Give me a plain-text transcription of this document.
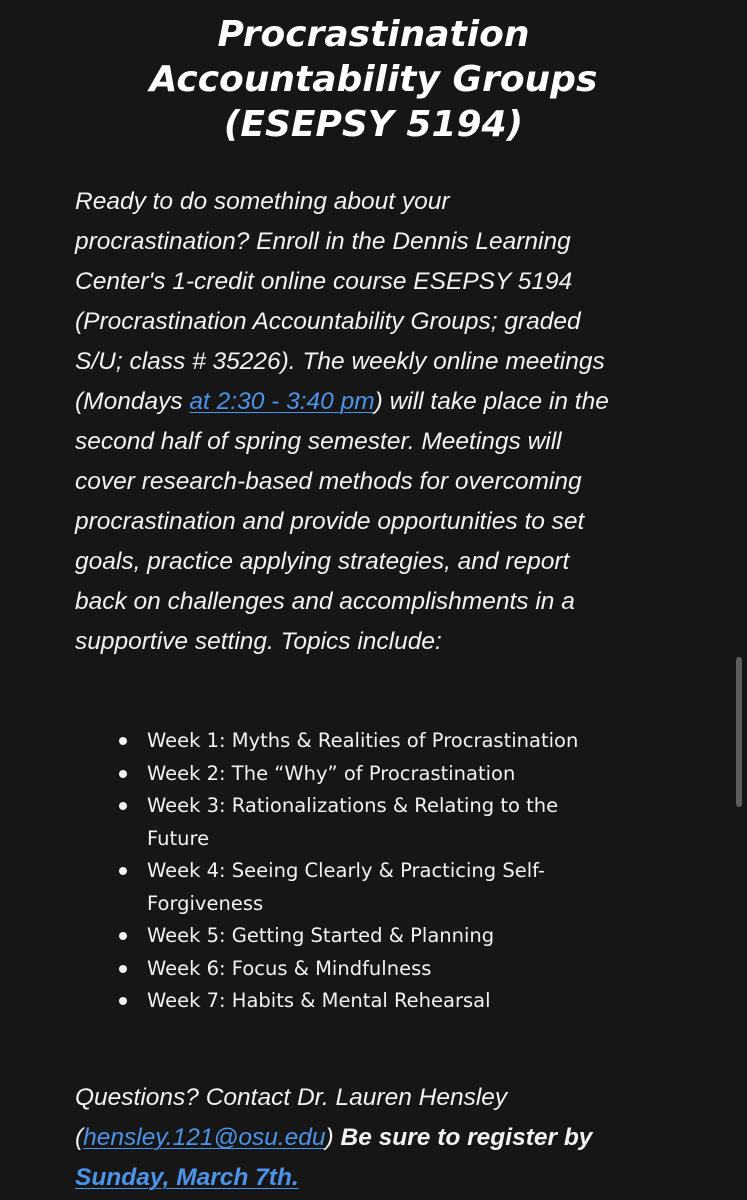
Procrastination
Accountability Groups
(ESEPSY 5194)

Ready to do something about your
procrastination? Enroll in the Dennis Learning
Center's 1-credit online course ESEPSY 5194
(Procrastination Accountability Groups; graded
S/U; class # 35226). The weekly online meetings
(Mondays at 2:30 - 3:40 pm) will take place in the
second half of spring semester. Meetings will
cover research-based methods for overcoming
procrastination and provide opportunities to set
goals, practice applying strategies, and report
back on challenges and accomplishments in a
supportive setting. Topics include:

Week 1: Myths & Realities of Procrastination
Week 2: The “Why” of Procrastination
Week 3: Rationalizations & Relating to the
Future
Week 4: Seeing Clearly & Practicing Self-
Forgiveness
Week 5: Getting Started & Planning
Week 6: Focus & Mindfulness
Week 7: Habits & Mental Rehearsal

Questions? Contact Dr. Lauren Hensley
(hensley.121@osu.edu) Be sure to register by
Sunday, March 7th.
